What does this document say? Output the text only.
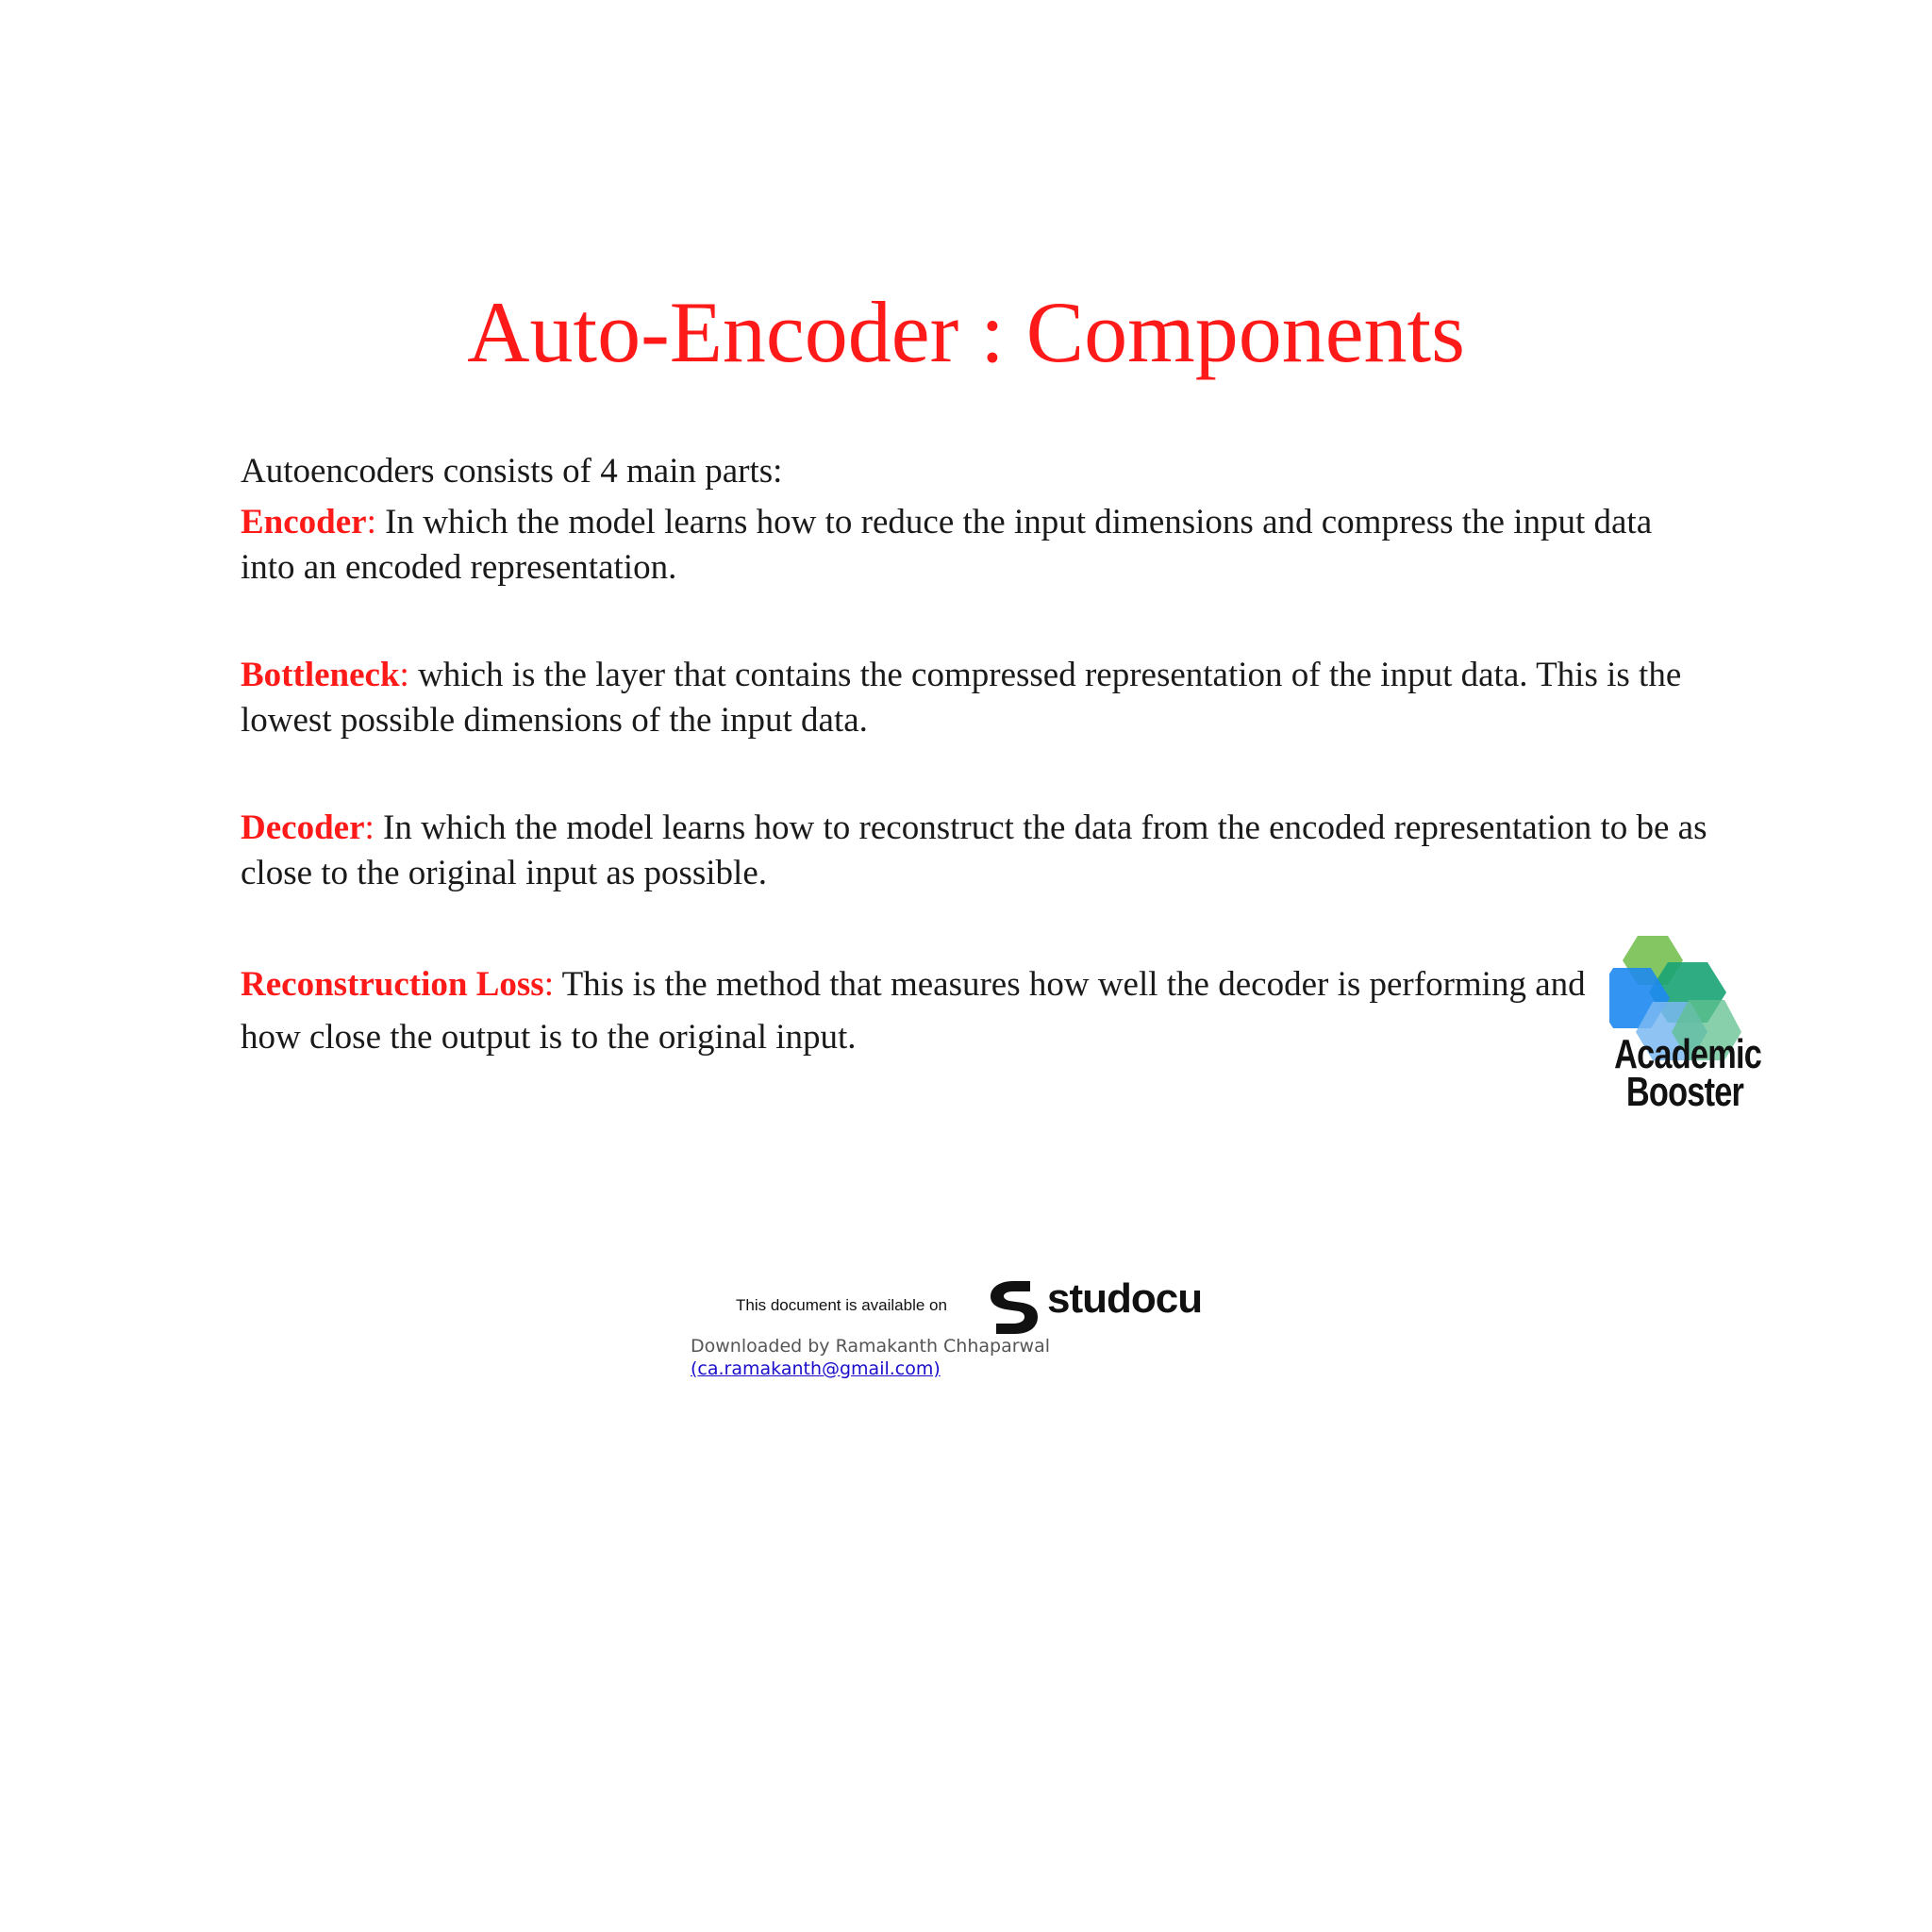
Auto-Encoder : Components

Autoencoders consists of 4 main parts:

Encoder: In which the model learns how to reduce the input dimensions and compress the input data into an encoded representation.

Bottleneck: which is the layer that contains the compressed representation of the input data. This is the lowest possible dimensions of the input data.

Decoder: In which the model learns how to reconstruct the data from the encoded representation to be as close to the original input as possible.

Reconstruction Loss: This is the method that measures how well the decoder is performing and how close the output is to the original input.	Academic
Booster
This document is available on studocu
Downloaded by Ramakanth Chhaparwal
(ca.ramakanth@gmail.com)
